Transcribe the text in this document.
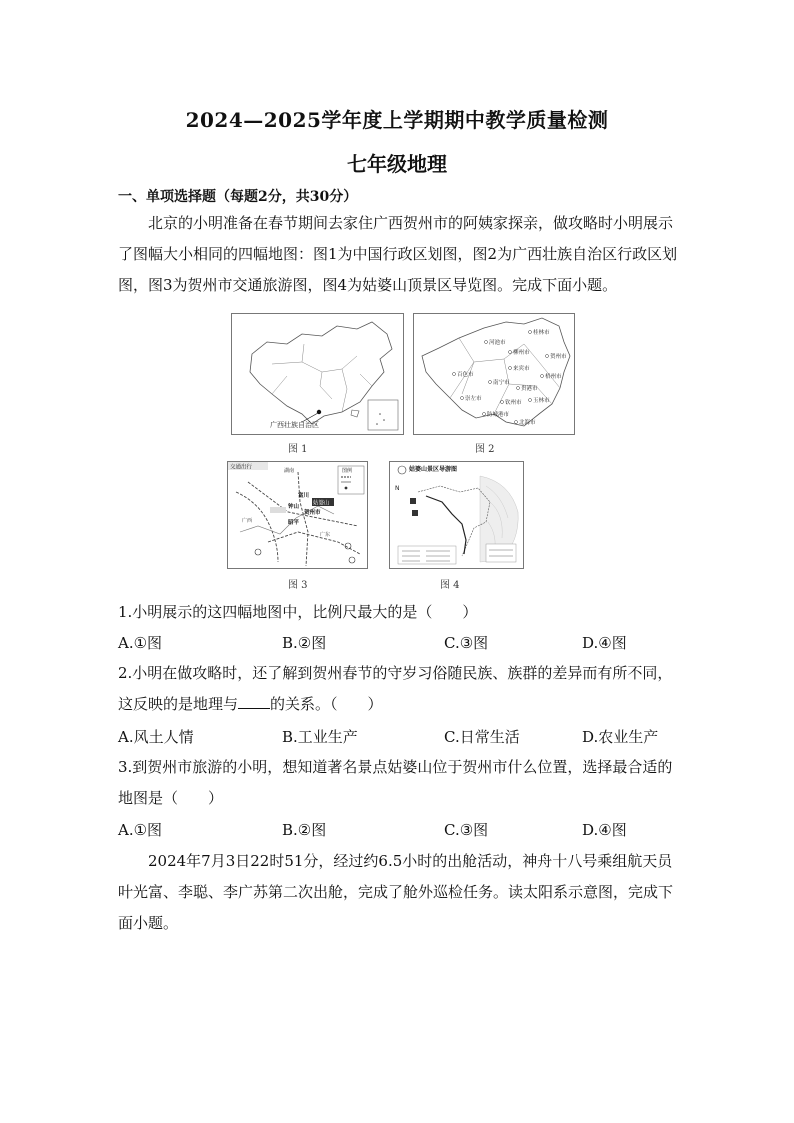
2024—2025学年度上学期期中教学质量检测
七年级地理
一、单项选择题（每题2分，共30分）
北京的小明准备在春节期间去家住广西贺州市的阿姨家探亲，做攻略时小明展示了图幅大小相同的四幅地图：图1为中国行政区划图，图2为广西壮族自治区行政区划图，图3为贺州市交通旅游图，图4为姑婆山顶景区导览图。完成下面小题。
广西壮族自治区
图 1
桂林市
河池市
柳州市
贺州市
百色市
来宾市
梧州市
南宁市
贵港市
玉林市
崇左市
钦州市
防城港市
北海市
图 2
交通出行
图例
姑婆山
湖南
富川
钟山
贺州市
昭平
广西
广东
图 3
姑婆山景区导游图
N
图 4
1.小明展示的这四幅地图中，比例尺最大的是（　　）
A.①图	B.②图	C.③图	D.④图
2.小明在做攻略时，还了解到贺州春节的守岁习俗随民族、族群的差异而有所不同，这反映的是地理与 的关系。（　　）
A.风土人情	B.工业生产	C.日常生活	D.农业生产
3.到贺州市旅游的小明，想知道著名景点姑婆山位于贺州市什么位置，选择最合适的地图是（　　）
A.①图	B.②图	C.③图	D.④图
2024年7月3日22时51分，经过约6.5小时的出舱活动，神舟十八号乘组航天员叶光富、李聪、李广苏第二次出舱，完成了舱外巡检任务。读太阳系示意图，完成下面小题。
